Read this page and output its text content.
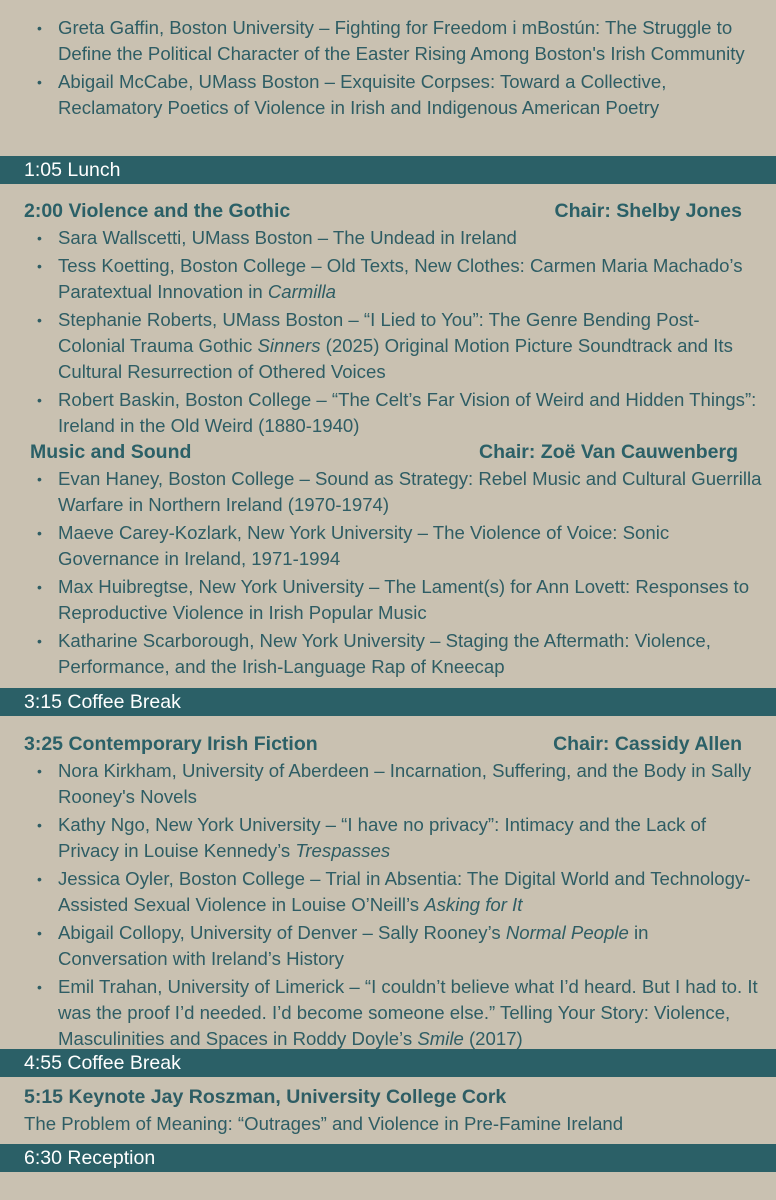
• Greta Gaffin, Boston University – Fighting for Freedom i mBostún: The Struggle to Define the Political Character of the Easter Rising Among Boston's Irish Community
• Abigail McCabe, UMass Boston – Exquisite Corpses: Toward a Collective, Reclamatory Poetics of Violence in Irish and Indigenous American Poetry
1:05 Lunch
2:00 Violence and the Gothic	Chair: Shelby Jones
• Sara Wallscetti, UMass Boston – The Undead in Ireland
• Tess Koetting, Boston College – Old Texts, New Clothes: Carmen Maria Machado’s Paratextual Innovation in Carmilla
• Stephanie Roberts, UMass Boston – “I Lied to You”: The Genre Bending Post-Colonial Trauma Gothic Sinners (2025) Original Motion Picture Soundtrack and Its Cultural Resurrection of Othered Voices
• Robert Baskin, Boston College – “The Celt’s Far Vision of Weird and Hidden Things”: Ireland in the Old Weird (1880-1940)
Music and Sound	Chair: Zoë Van Cauwenberg
• Evan Haney, Boston College – Sound as Strategy: Rebel Music and Cultural Guerrilla Warfare in Northern Ireland (1970-1974)
• Maeve Carey-Kozlark, New York University – The Violence of Voice: Sonic Governance in Ireland, 1971-1994
• Max Huibregtse, New York University – The Lament(s) for Ann Lovett: Responses to Reproductive Violence in Irish Popular Music
• Katharine Scarborough, New York University – Staging the Aftermath: Violence, Performance, and the Irish-Language Rap of Kneecap
3:15 Coffee Break
3:25 Contemporary Irish Fiction	Chair: Cassidy Allen
• Nora Kirkham, University of Aberdeen – Incarnation, Suffering, and the Body in Sally Rooney's Novels
• Kathy Ngo, New York University – “I have no privacy”: Intimacy and the Lack of Privacy in Louise Kennedy’s Trespasses
• Jessica Oyler, Boston College – Trial in Absentia: The Digital World and Technology-Assisted Sexual Violence in Louise O’Neill’s Asking for It
• Abigail Collopy, University of Denver – Sally Rooney’s Normal People in Conversation with Ireland’s History
• Emil Trahan, University of Limerick – “I couldn’t believe what I’d heard. But I had to. It was the proof I’d needed. I’d become someone else.” Telling Your Story: Violence, Masculinities and Spaces in Roddy Doyle’s Smile (2017)
4:55 Coffee Break
5:15 Keynote Jay Roszman, University College Cork
The Problem of Meaning: “Outrages” and Violence in Pre-Famine Ireland
6:30 Reception
